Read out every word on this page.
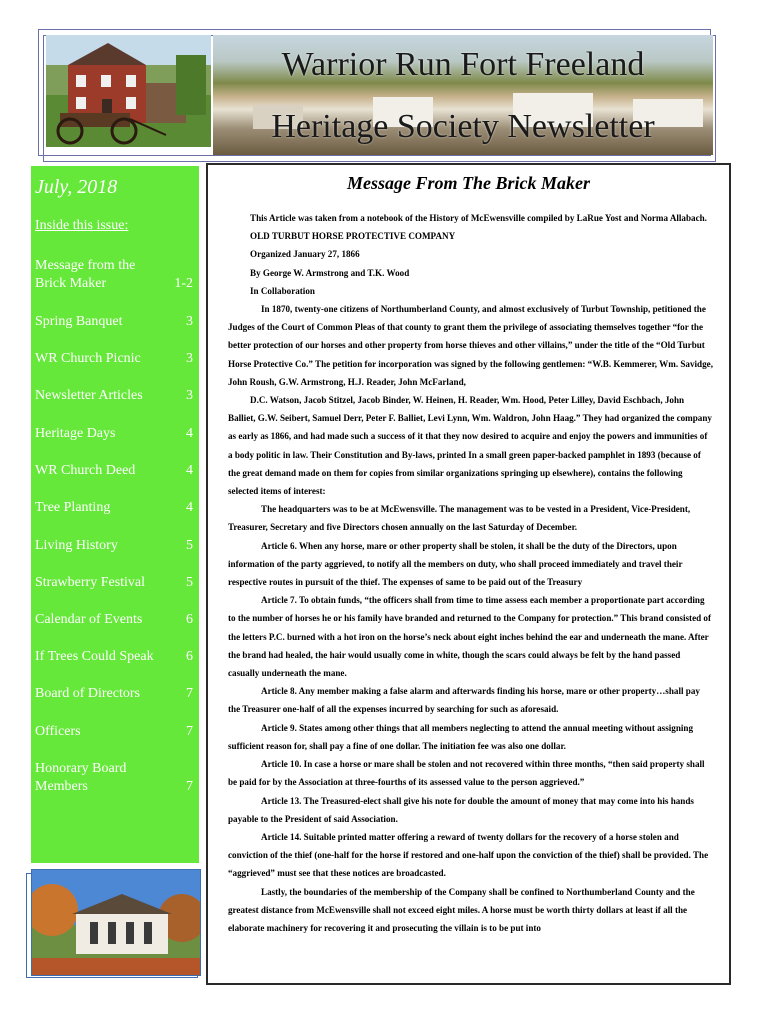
Warrior Run Fort Freeland
Heritage Society Newsletter
July, 2018
Inside this issue:
Message from the
Brick Maker	1-2
Spring Banquet	3
WR Church Picnic	3
Newsletter Articles	3
Heritage Days	4
WR Church Deed	4
Tree Planting	4
Living History	5
Strawberry Festival	5
Calendar of Events	6
If Trees Could Speak	6
Board of Directors	7
Officers	7
Honorary Board
Members	7
Message From The Brick Maker

This Article was taken from a notebook of the History of McEwensville compiled by LaRue Yost and Norma Allabach.

OLD TURBUT HORSE PROTECTIVE COMPANY

Organized January 27, 1866

By George W. Armstrong and T.K. Wood

In Collaboration

In 1870, twenty-one citizens of Northumberland County, and almost exclusively of Turbut Township, petitioned the Judges of the Court of Common Pleas of that county to grant them the privilege of associating themselves together “for the better protection of our horses and other property from horse thieves and other villains,” under the title of the “Old Turbut Horse Protective Co.” The petition for incorporation was signed by the following gentlemen: “W.B. Kemmerer, Wm. Savidge, John Roush, G.W. Armstrong, H.J. Reader, John McFarland,

D.C. Watson, Jacob Stitzel, Jacob Binder, W. Heinen, H. Reader, Wm. Hood, Peter Lilley, David Eschbach, John Balliet, G.W. Seibert, Samuel Derr, Peter F. Balliet, Levi Lynn, Wm. Waldron, John Haag.” They had organized the company as early as 1866, and had made such a success of it that they now desired to acquire and enjoy the powers and immunities of a body politic in law. Their Constitution and By-laws, printed In a small green paper-backed pamphlet in 1893 (because of the great demand made on them for copies from similar organizations springing up elsewhere), contains the following selected items of interest:

The headquarters was to be at McEwensville. The management was to be vested in a President, Vice-President, Treasurer, Secretary and five Directors chosen annually on the last Saturday of December.

Article 6. When any horse, mare or other property shall be stolen, it shall be the duty of the Directors, upon information of the party aggrieved, to notify all the members on duty, who shall proceed immediately and travel their respective routes in pursuit of the thief. The expenses of same to be paid out of the Treasury

Article 7. To obtain funds, “the officers shall from time to time assess each member a proportionate part according to the number of horses he or his family have branded and returned to the Company for protection.” This brand consisted of the letters P.C. burned with a hot iron on the horse’s neck about eight inches behind the ear and underneath the mane. After the brand had healed, the hair would usually come in white, though the scars could always be felt by the hand passed casually underneath the mane.

Article 8. Any member making a false alarm and afterwards finding his horse, mare or other property…shall pay the Treasurer one-half of all the expenses incurred by searching for such as aforesaid.

Article 9. States among other things that all members neglecting to attend the annual meeting without assigning sufficient reason for, shall pay a fine of one dollar. The initiation fee was also one dollar.

Article 10. In case a horse or mare shall be stolen and not recovered within three months, “then said property shall be paid for by the Association at three-fourths of its assessed value to the person aggrieved.”

Article 13. The Treasured-elect shall give his note for double the amount of money that may come into his hands payable to the President of said Association.

Article 14. Suitable printed matter offering a reward of twenty dollars for the recovery of a horse stolen and conviction of the thief (one-half for the horse if restored and one-half upon the conviction of the thief) shall be provided. The “aggrieved” must see that these notices are broadcasted.

Lastly, the boundaries of the membership of the Company shall be confined to Northumberland County and the greatest distance from McEwensville shall not exceed eight miles. A horse must be worth thirty dollars at least if all the elaborate machinery for recovering it and prosecuting the villain is to be put into
